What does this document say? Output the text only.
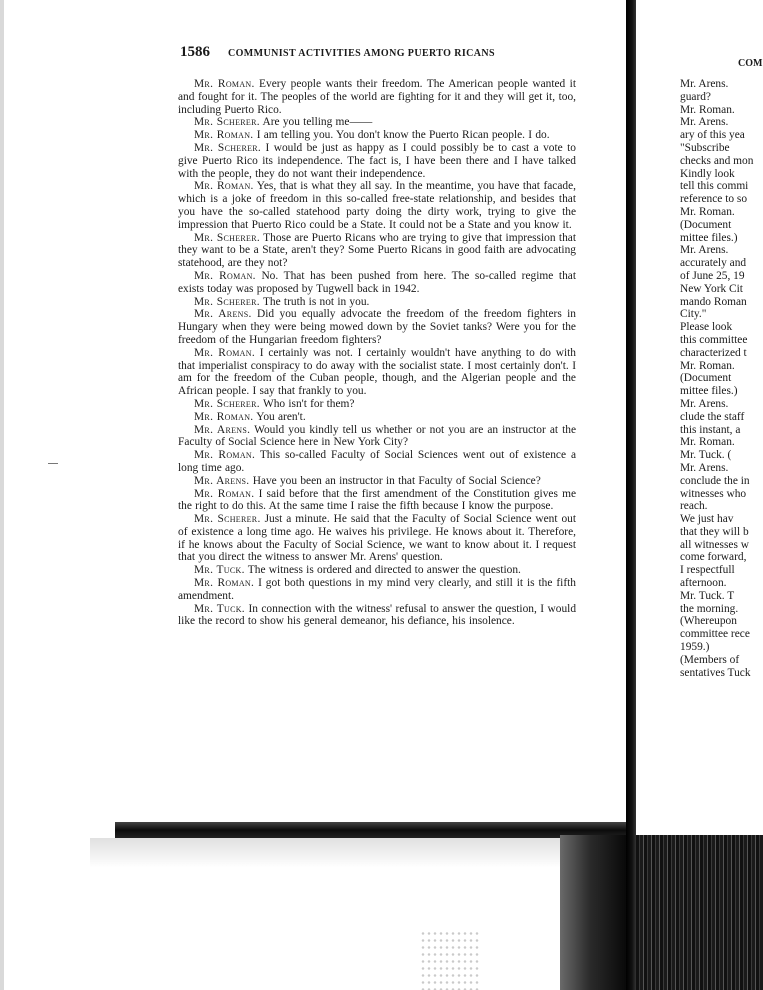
1586 COMMUNIST ACTIVITIES AMONG PUERTO RICANS

Mr. Roman. Every people wants their freedom. The American people wanted it and fought for it. The peoples of the world are fighting for it and they will get it, too, including Puerto Rico.

Mr. Scherer. Are you telling me——

Mr. Roman. I am telling you. You don't know the Puerto Rican people. I do.

Mr. Scherer. I would be just as happy as I could possibly be to cast a vote to give Puerto Rico its independence. The fact is, I have been there and I have talked with the people, they do not want their independence.

Mr. Roman. Yes, that is what they all say. In the meantime, you have that facade, which is a joke of freedom in this so-called free-state relationship, and besides that you have the so-called statehood party doing the dirty work, trying to give the impression that Puerto Rico could be a State. It could not be a State and you know it.

Mr. Scherer. Those are Puerto Ricans who are trying to give that impression that they want to be a State, aren't they? Some Puerto Ricans in good faith are advocating statehood, are they not?

Mr. Roman. No. That has been pushed from here. The so-called regime that exists today was proposed by Tugwell back in 1942.

Mr. Scherer. The truth is not in you.

Mr. Arens. Did you equally advocate the freedom of the freedom fighters in Hungary when they were being mowed down by the Soviet tanks? Were you for the freedom of the Hungarian freedom fighters?

Mr. Roman. I certainly was not. I certainly wouldn't have anything to do with that imperialist conspiracy to do away with the socialist state. I most certainly don't. I am for the freedom of the Cuban people, though, and the Algerian people and the African people. I say that frankly to you.

Mr. Scherer. Who isn't for them?

Mr. Roman. You aren't.

Mr. Arens. Would you kindly tell us whether or not you are an instructor at the Faculty of Social Science here in New York City?

Mr. Roman. This so-called Faculty of Social Sciences went out of existence a long time ago.

Mr. Arens. Have you been an instructor in that Faculty of Social Science?

Mr. Roman. I said before that the first amendment of the Constitution gives me the right to do this. At the same time I raise the fifth because I know the purpose.

Mr. Scherer. Just a minute. He said that the Faculty of Social Science went out of existence a long time ago. He waives his privilege. He knows about it. Therefore, if he knows about the Faculty of Social Science, we want to know about it. I request that you direct the witness to answer Mr. Arens' question.

Mr. Tuck. The witness is ordered and directed to answer the question.

Mr. Roman. I got both questions in my mind very clearly, and still it is the fifth amendment.

Mr. Tuck. In connection with the witness' refusal to answer the question, I would like the record to show his general demeanor, his defiance, his insolence.

COM
Mr. Arens.
guard?
Mr. Roman.
Mr. Arens.
ary of this yea
"Subscribe
checks and mon
Kindly look
tell this commi
reference to so
Mr. Roman.
(Document
mittee files.)
Mr. Arens.
accurately and
of June 25, 19
New York Cit
mando Roman
City."
Please look
this committee
characterized t
Mr. Roman.
(Document
mittee files.)
Mr. Arens.
clude the staff
this instant, a
Mr. Roman.
Mr. Tuck. (
Mr. Arens.
conclude the in
witnesses who
reach.
We just hav
that they will b
all witnesses w
come forward,
I respectfull
afternoon.
Mr. Tuck. T
the morning.
(Whereupon
committee rece
1959.)
(Members of
sentatives Tuck
